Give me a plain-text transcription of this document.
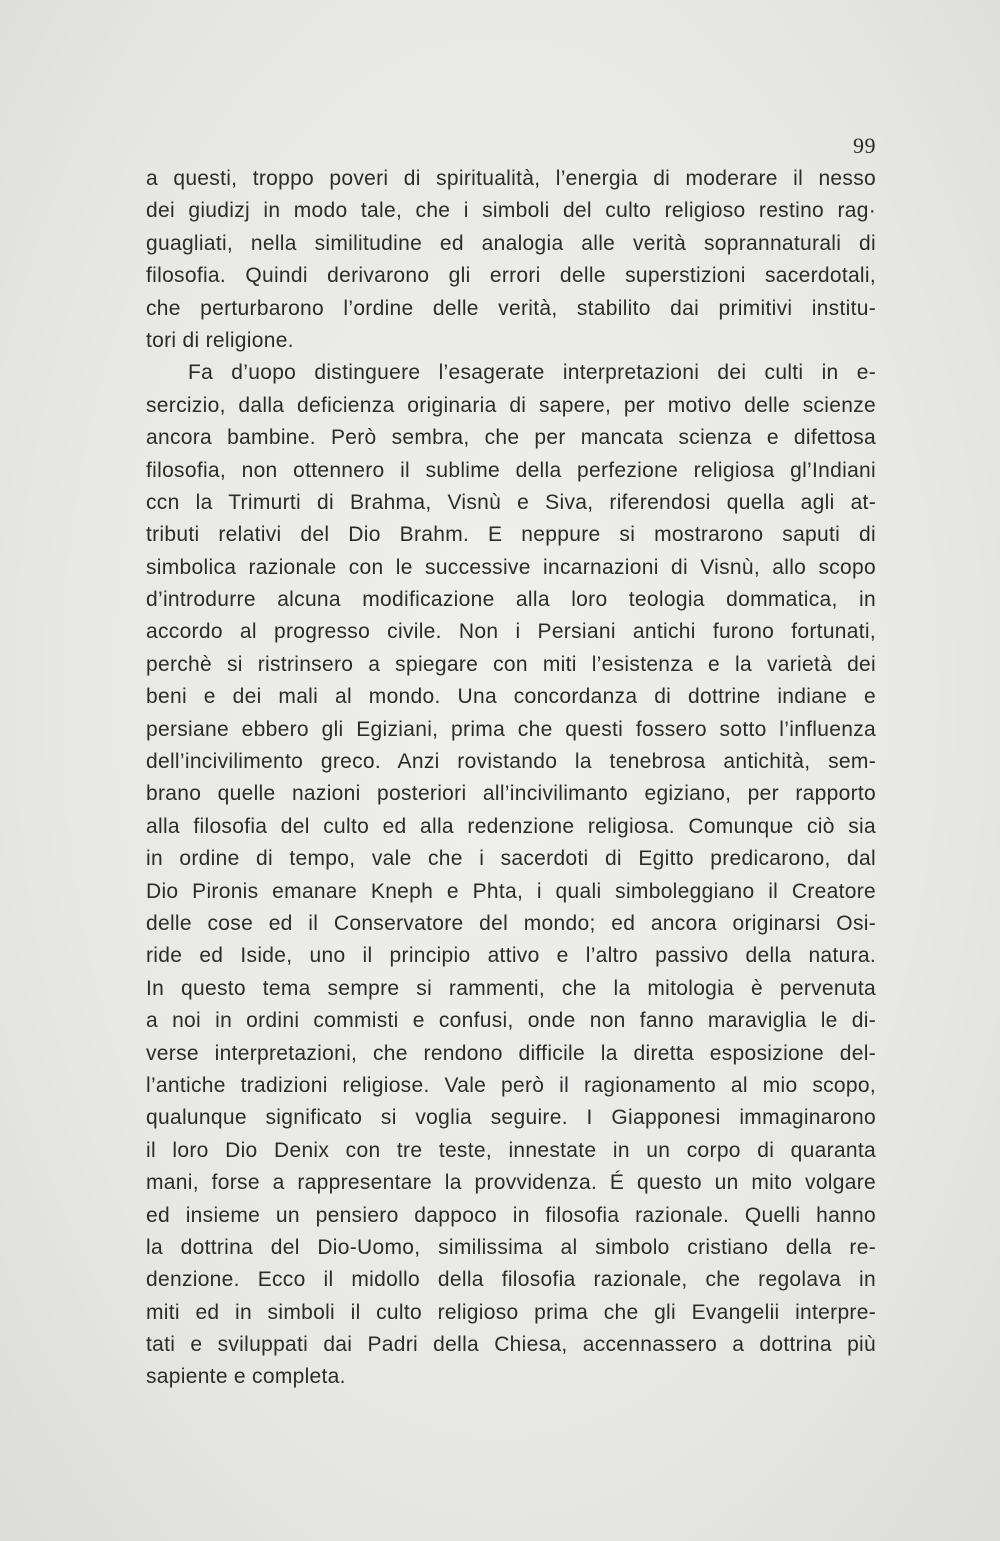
99
a questi, troppo poveri di spiritualità, l’energia di moderare il nesso
dei giudizj in modo tale, che i simboli del culto religioso restino rag·
guagliati, nella similitudine ed analogia alle verità soprannaturali di
filosofia. Quindi derivarono gli errori delle superstizioni sacerdotali,
che perturbarono l’ordine delle verità, stabilito dai primitivi institu-
tori di religione.
Fa d’uopo distinguere l’esagerate interpretazioni dei culti in e-
sercizio, dalla deficienza originaria di sapere, per motivo delle scienze
ancora bambine. Però sembra, che per mancata scienza e difettosa
filosofia, non ottennero il sublime della perfezione religiosa gl’Indiani
ccn la Trimurti di Brahma, Visnù e Siva, riferendosi quella agli at-
tributi relativi del Dio Brahm. E neppure si mostrarono saputi di
simbolica razionale con le successive incarnazioni di Visnù, allo scopo
d’introdurre alcuna modificazione alla loro teologia dommatica, in
accordo al progresso civile. Non i Persiani antichi furono fortunati,
perchè si ristrinsero a spiegare con miti l’esistenza e la varietà dei
beni e dei mali al mondo. Una concordanza di dottrine indiane e
persiane ebbero gli Egiziani, prima che questi fossero sotto l’influenza
dell’incivilimento greco. Anzi rovistando la tenebrosa antichità, sem-
brano quelle nazioni posteriori all’incivilimanto egiziano, per rapporto
alla filosofia del culto ed alla redenzione religiosa. Comunque ciò sia
in ordine di tempo, vale che i sacerdoti di Egitto predicarono, dal
Dio Pironis emanare Kneph e Phta, i quali simboleggiano il Creatore
delle cose ed il Conservatore del mondo; ed ancora originarsi Osi-
ride ed Iside, uno il principio attivo e l’altro passivo della natura.
In questo tema sempre si rammenti, che la mitologia è pervenuta
a noi in ordini commisti e confusi, onde non fanno maraviglia le di-
verse interpretazioni, che rendono difficile la diretta esposizione del-
l’antiche tradizioni religiose. Vale però il ragionamento al mio scopo,
qualunque significato si voglia seguire. I Giapponesi immaginarono
il loro Dio Denix con tre teste, innestate in un corpo di quaranta
mani, forse a rappresentare la provvidenza. É questo un mito volgare
ed insieme un pensiero dappoco in filosofia razionale. Quelli hanno
la dottrina del Dio-Uomo, similissima al simbolo cristiano della re-
denzione. Ecco il midollo della filosofia razionale, che regolava in
miti ed in simboli il culto religioso prima che gli Evangelii interpre-
tati e sviluppati dai Padri della Chiesa, accennassero a dottrina più
sapiente e completa.
